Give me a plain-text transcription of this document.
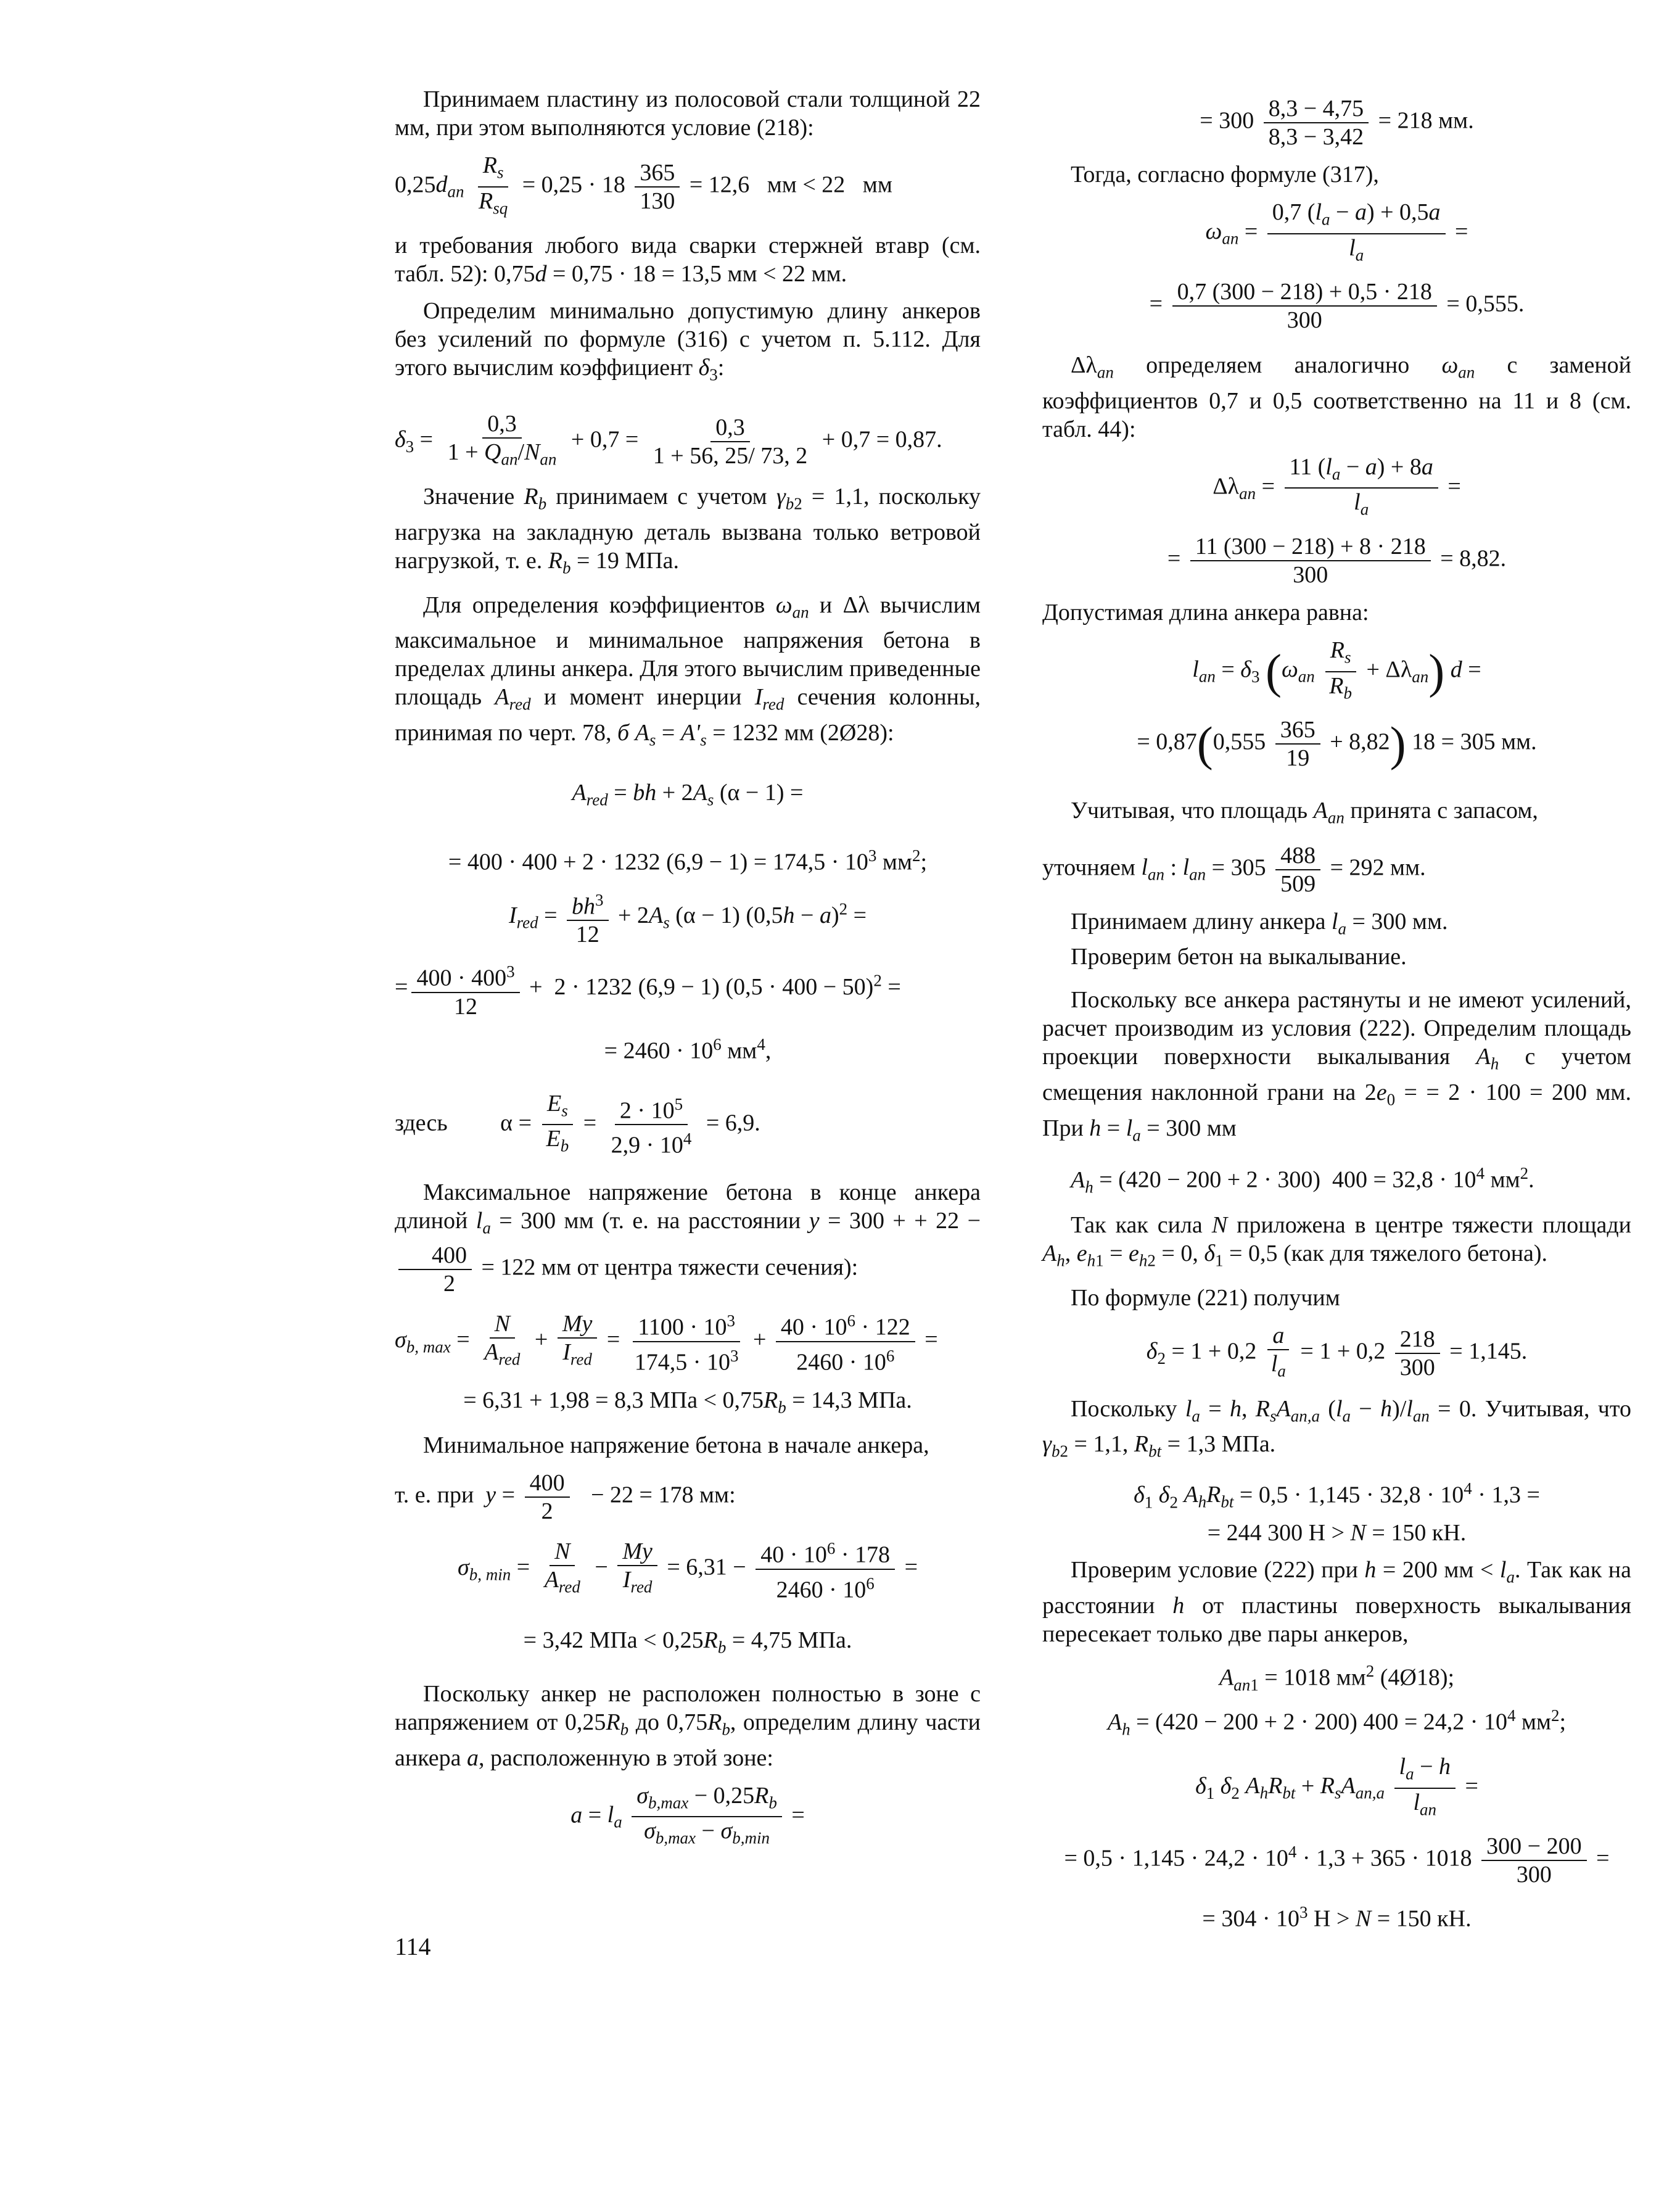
Принимаем пластину из полосовой стали толщиной 22 мм, при этом выполняются условие (218):

$0,25d_{an} \frac{R_s}{R_{sq}} = 0,25 \cdot 18 \frac{365}{130} = 12,6$   мм < 22   мм

и требования любого вида сварки стержней втавр (см. табл. 52): 0,75d = 0,75 · 18 = 13,5 мм < 22 мм.

Определим минимально допустимую длину анкеров без усилений по формуле (316) с учетом п. 5.112. Для этого вычислим коэффициент $\delta_3$:

$\delta_3 = \frac{0,3}{1 + Q_{an}/N_{an}} + 0,7 = \frac{0,3}{1 + 56, 25/ 73, 2} + 0,7 = 0,87$.

Значение $R_b$ принимаем с учетом $\gamma_{b2} = 1,1$, поскольку нагрузка на закладную деталь вызвана только ветровой нагрузкой, т. е. $R_b = 19$ МПа.

Для определения коэффициентов $\omega_{an}$ и Δλ вычислим максимальное и минимальное напряжения бетона в пределах длины анкера. Для этого вычислим приведенные площадь $A_{red}$ и момент инерции $I_{red}$ сечения колонны, принимая по черт. 78, б $A_s = A'_s = 1232$ мм (2Ø28):

$A_{red}$ = bh + $2A_s$ (α − 1) =
= 400 · 400 + 2 · 1232 $(6,9 - 1) = 174,5 \cdot 10^3$ $мм^2$;
$I_{red} = \frac{bh^3}{12} + 2A_s$ (α − 1) $(0,5h - a)^2$ =
= $\frac{400 \cdot 400^3}{12} + 2 \cdot 1232$ (6,9 − 1) $(0,5 \cdot 400 - 50)^2$ =
= $2460 \cdot 10^6$ $мм^4$,
здесь         $\alpha = \frac{E_s}{E_b} = \frac{2 \cdot 10^5}{2,9 \cdot 10^4} = 6,9$.

Максимальное напряжение бетона в конце анкера длиной $l_a = 300$ мм (т. е. на расстоянии y = 300 + + 22 −
$\frac{400}{2} = 122$ мм от центра тяжести сечения):

$\sigma_{b, max} = \frac{N}{A_{red}} + \frac{My}{I_{red}} = \frac{1100 \cdot 10^3}{174,5 \cdot 10^3} + \frac{40 \cdot 10^6 \cdot 122}{2460 \cdot 10^6}$ =
= 6,31 + 1,98 = 8,3 МПа < $0,75R_b = 14,3$ МПа.

Минимальное напряжение бетона в начале анкера,

т. е. при  $y = \frac{400}{2} - 22 = 178$ мм:
$\sigma_{b, min} = \frac{N}{A_{red}} - \frac{My}{I_{red}} = 6,31 - \frac{40 \cdot 10^6 \cdot 178}{2460 \cdot 10^6}$ =
= 3,42 МПа < $0,25R_b = 4,75$ МПа.

Поскольку анкер не расположен полностью в зоне с напряжением от $0,25R_b$ до $0,75R_b$, определим длину части анкера a, расположенную в этой зоне:

$a = l_a \frac{\sigma_{b,max} - 0,25R_b}{\sigma_{b,max} - \sigma_{b,min}}$ =
= $300 \frac{8,3 - 4,75}{8,3 - 3,42} = 218$ мм.

Тогда, согласно формуле (317),

$\omega_{an} = \frac{0,7 (l_a - a) + 0,5a}{l_a}$ =
= $\frac{0,7 (300 - 218) + 0,5 \cdot 218}{300} = 0,555$.

$\Delta\lambda_{an}$ определяем аналогично $\omega_{an}$ с заменой коэффициентов 0,7 и 0,5 соответственно на 11 и 8 (см. табл. 44):

$\Delta\lambda_{an} = \frac{11 (l_a - a) + 8a}{l_a}$ =
= $\frac{11 (300 - 218) + 8 \cdot 218}{300} = 8,82$.

Допустимая длина анкера равна:

$l_{an} = \delta_3$ $(\omega_{an} \frac{R_s}{R_b} + \Delta\lambda_{an}) d$ =
= $0,87(0,555 \frac{365}{19} + 8,82)$ 18 = 305 мм.

Учитывая, что площадь $A_{an}$ принята с запасом,

уточняем $l_{an}$ : $l_{an} = 305 \frac{488}{509} = 292$ мм.

Принимаем длину анкера $l_a = 300$ мм.

Проверим бетон на выкалывание.

Поскольку все анкера растянуты и не имеют усилений, расчет производим из условия (222). Определим площадь проекции поверхности выкалывания $A_h$ с учетом смещения наклонной грани на $2e_0$ = = 2 · 100 = 200 мм. При $h = l_a = 300$ мм

$A_h = (420 - 200 + 2 \cdot 300) 400 = 32,8 \cdot 10^4$ $мм^2$.

Так как сила N приложена в центре тяжести площади $A_h$, $e_{h1} = e_{h2} = 0$, $\delta_1 = 0,5$ (как для тяжелого бетона).

По формуле (221) получим

$\delta_2 = 1 + 0,2 \frac{a}{l_a} = 1 + 0,2 \frac{218}{300} = 1,145$.

Поскольку $l_a = h$, $R_sA_{an,a}$ $(l_a - h)/l_{an} = 0$. Учитывая, что $\gamma_{b2} = 1,1$, $R_{bt} = 1,3$ МПа.

$\delta_1$ $\delta_2$ $A_hR_{bt} = 0,5 \cdot 1,145 \cdot 32,8 \cdot 10^4 \cdot 1,3$ =
= 244 300 Н > N = 150 кН.

Проверим условие (222) при h = 200 мм < $l_a$. Так как на расстоянии h от пластины поверхность выкалывания пересекает только две пары анкеров,

$A_{an1} = 1018$ $мм^2$ (4Ø18);
$A_h = (420 - 200 + 2 \cdot 200) 400 = 24,2 \cdot 10^4$ $мм^2$;
$\delta_1$ $\delta_2$ $A_hR_{bt} + R_sA_{an,a} \frac{l_a - h}{l_{an}}$ =
= $0,5 \cdot 1,145 \cdot 24,2 \cdot 10^4 \cdot 1,3 + 365 \cdot 1018 \frac{300 - 200}{300}$ =
= $304 \cdot 10^3$ Н > N = 150 кН.
114
